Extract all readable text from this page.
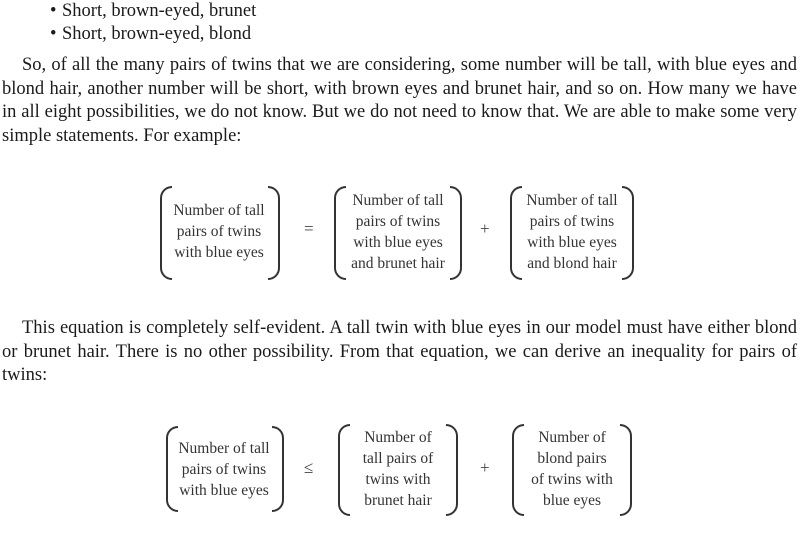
• Short, brown-eyed, brunet
• Short, brown-eyed, blond

So, of all the many pairs of twins that we are considering, some number will be tall, with blue eyes and blond hair, another number will be short, with brown eyes and brunet hair, and so on. How many we have in all eight possibilities, we do not know. But we do not need to know that. We are able to make some very simple statements. For example:

Number of tall
pairs of twins
with blue eyes
=
Number of tall
pairs of twins
with blue eyes
and brunet hair
+
Number of tall
pairs of twins
with blue eyes
and blond hair

This equation is completely self-evident. A tall twin with blue eyes in our model must have either blond or brunet hair. There is no other possibility. From that equation, we can derive an inequality for pairs of twins:

Number of tall
pairs of twins
with blue eyes
≤
Number of
tall pairs of
twins with
brunet hair
+
Number of
blond pairs
of twins with
blue eyes
